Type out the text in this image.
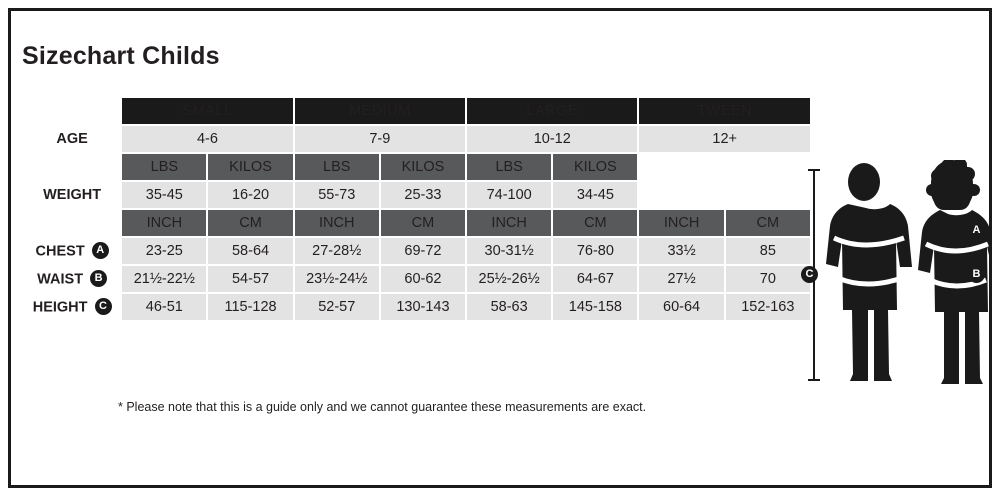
Sizechart Childs
	SMALL		MEDIUM		LARGE		TWEEN	
AGE	4-6		7-9		10-12		12+	
	LBS	KILOS	LBS	KILOS	LBS	KILOS		
WEIGHT	35-45	16-20	55-73	25-33	74-100	34-45		
	INCH	CM	INCH	CM	INCH	CM	INCH	CM
CHEST A	23-25	58-64	27-28½	69-72	30-31½	76-80	33½	85
WAIST B	21½-22½	54-57	23½-24½	60-62	25½-26½	64-67	27½	70
HEIGHT C	46-51	115-128	52-57	130-143	58-63	145-158	60-64	152-163
* Please note that this is a guide only and we cannot guarantee these measurements are exact.
A
B
C
